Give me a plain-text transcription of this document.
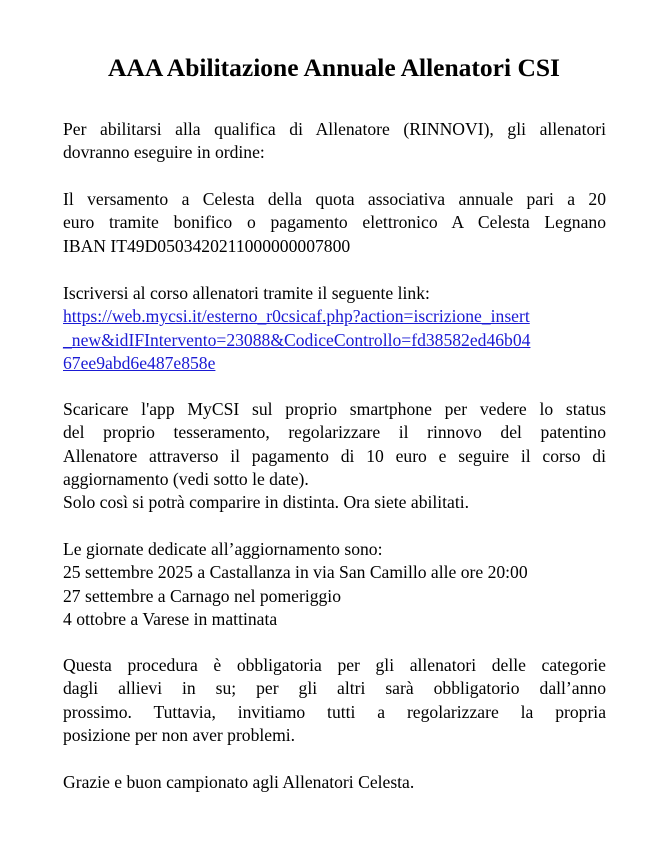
AAA Abilitazione Annuale Allenatori CSI
Per abilitarsi alla qualifica di Allenatore (RINNOVI), gli allenatori
dovranno eseguire in ordine:
Il versamento a Celesta della quota associativa annuale pari a 20
euro tramite bonifico o pagamento elettronico A Celesta Legnano
IBAN IT49D0503420211000000007800
Iscriversi al corso allenatori tramite il seguente link:
https://web.mycsi.it/esterno_r0csicaf.php?action=iscrizione_insert
_new&idIFIntervento=23088&CodiceControllo=fd38582ed46b04
67ee9abd6e487e858e
Scaricare l'app MyCSI sul proprio smartphone per vedere lo status
del proprio tesseramento, regolarizzare il rinnovo del patentino
Allenatore attraverso il pagamento di 10 euro e seguire il corso di
aggiornamento (vedi sotto le date).
Solo così si potrà comparire in distinta. Ora siete abilitati.
Le giornate dedicate all’aggiornamento sono:
25 settembre 2025 a Castallanza in via San Camillo alle ore 20:00
27 settembre a Carnago nel pomeriggio
4 ottobre a Varese in mattinata
Questa procedura è obbligatoria per gli allenatori delle categorie
dagli allievi in su; per gli altri sarà obbligatorio dall’anno
prossimo. Tuttavia, invitiamo tutti a regolarizzare la propria
posizione per non aver problemi.
Grazie e buon campionato agli Allenatori Celesta.
